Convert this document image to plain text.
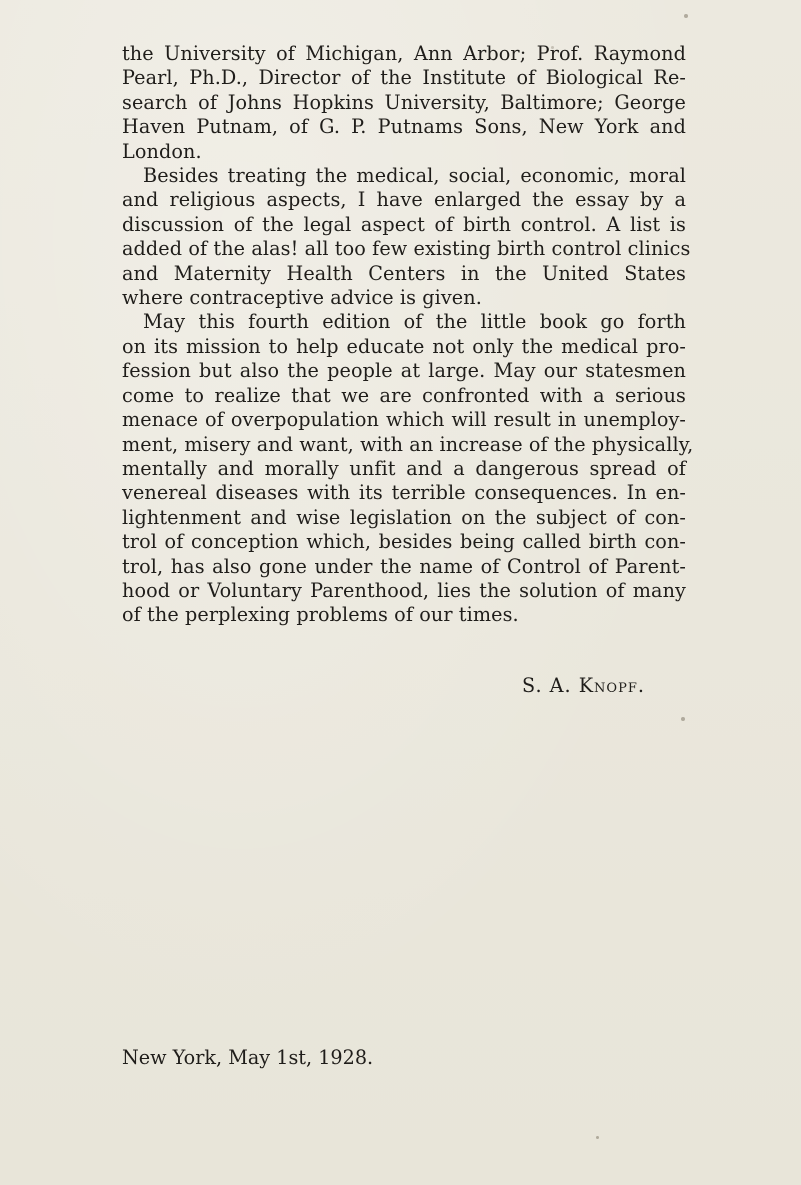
the University of Michigan, Ann Arbor; Prof. Raymond
Pearl, Ph.D., Director of the Institute of Biological Re-
search of Johns Hopkins University, Baltimore; George
Haven Putnam, of G. P. Putnams Sons, New York and
London.
Besides treating the medical, social, economic, moral
and religious aspects, I have enlarged the essay by a
discussion of the legal aspect of birth control. A list is
added of the alas! all too few existing birth control clinics
and Maternity Health Centers in the United States
where contraceptive advice is given.
May this fourth edition of the little book go forth
on its mission to help educate not only the medical pro-
fession but also the people at large. May our statesmen
come to realize that we are confronted with a serious
menace of overpopulation which will result in unemploy-
ment, misery and want, with an increase of the physically,
mentally and morally unfit and a dangerous spread of
venereal diseases with its terrible consequences. In en-
lightenment and wise legislation on the subject of con-
trol of conception which, besides being called birth con-
trol, has also gone under the name of Control of Parent-
hood or Voluntary Parenthood, lies the solution of many
of the perplexing problems of our times.
S. A. Knopf.
New York, May 1st, 1928.
